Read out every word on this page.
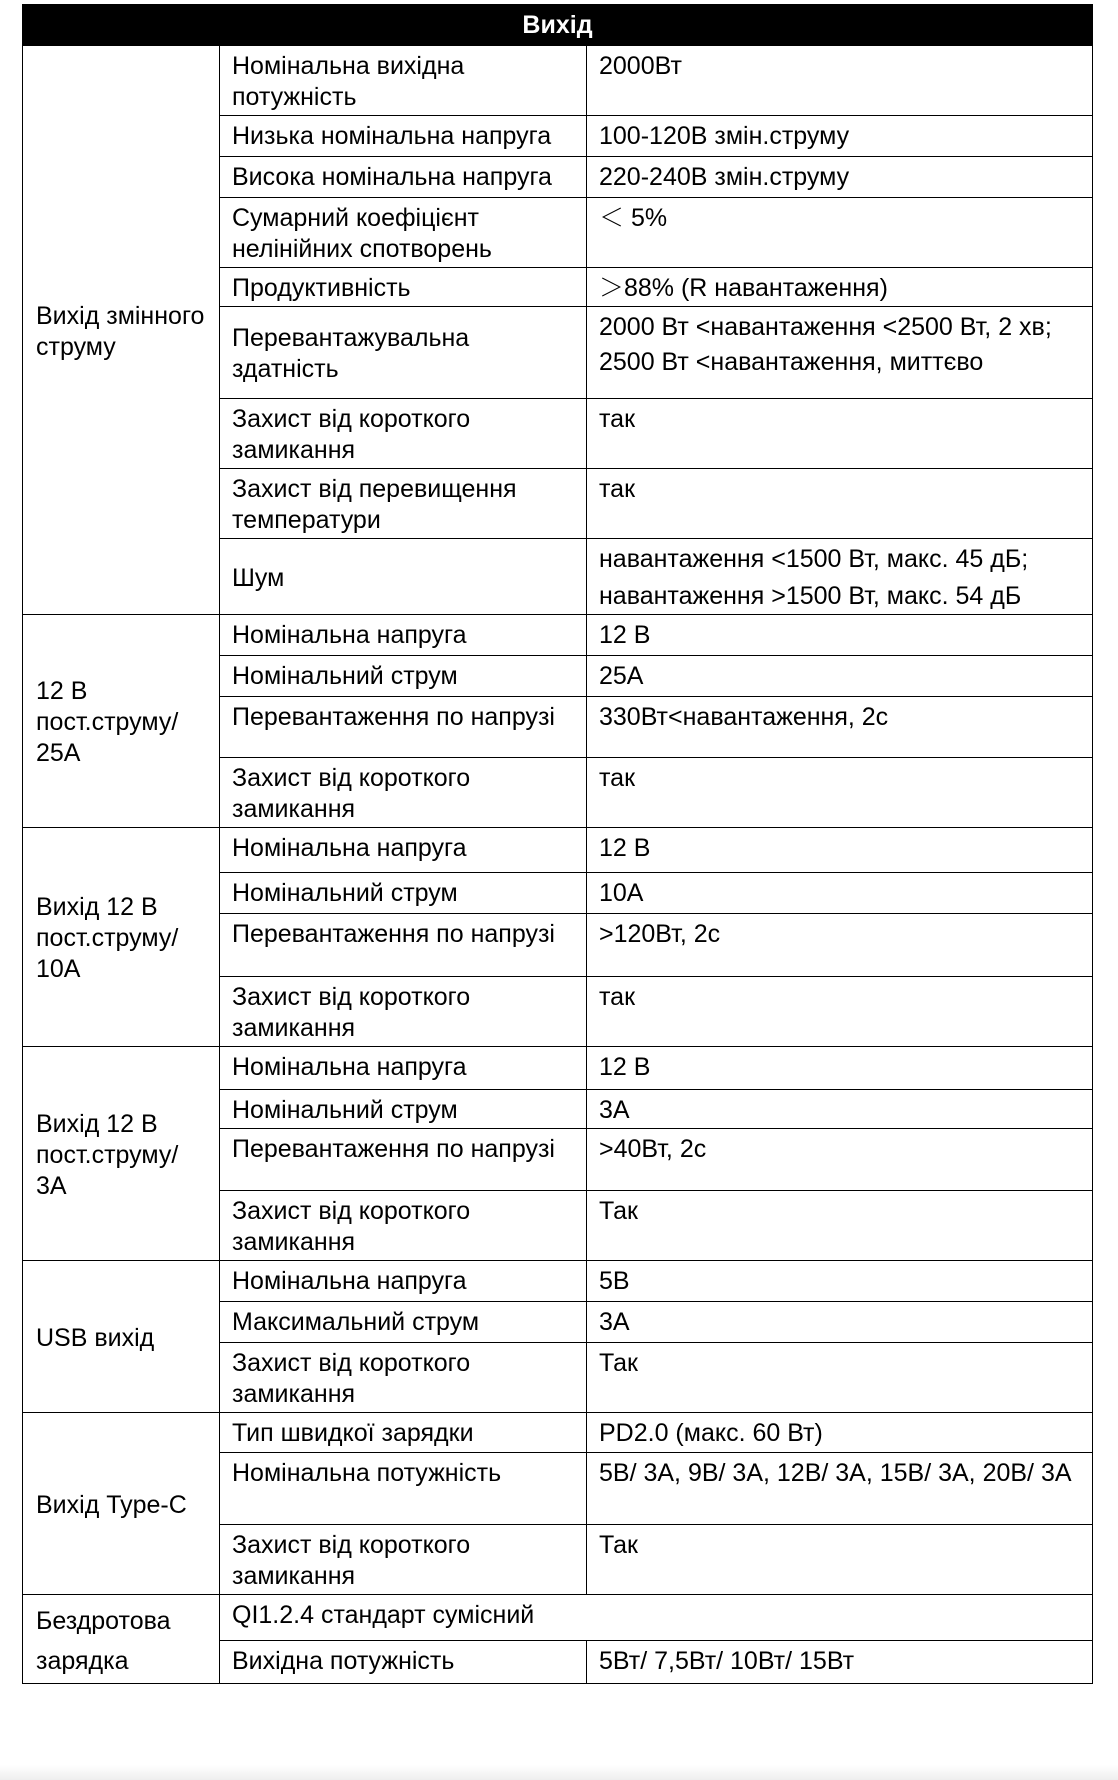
Вихід		
Вихід змінного струму	Номінальна вихідна потужність	2000Вт
	Низька номінальна напруга	100-120В змін.струму
	Висока номінальна напруга	220-240В змін.струму
	Сумарний коефіцієнт нелінійних спотворень	＜ 5%
	Продуктивність	＞88% (R навантаження)
	Перевантажувальна здатність	2000 Вт <навантаження <2500 Вт, 2 хв;
2500 Вт <навантаження, миттєво

	Захист від короткого замикання	так
	Захист від перевищення температури	так
	Шум	навантаження <1500 Вт, макс. 45 дБ;
навантаження >1500 Вт, макс. 54 дБ

12 В пост.струму/ 25А	Номінальна напруга	12 В
	Номінальний струм	25А
	Перевантаження по напрузі	330Вт<навантаження, 2с
	Захист від короткого замикання	так
Вихід 12 В пост.струму/ 10А	Номінальна напруга	12 В
	Номінальний струм	10А
	Перевантаження по напрузі	>120Вт, 2с
	Захист від короткого замикання	так
Вихід 12 В пост.струму/ 3А	Номінальна напруга	12 В
	Номінальний струм	3А
	Перевантаження по напрузі	>40Вт, 2с
	Захист від короткого замикання	Так
USB вихід	Номінальна напруга	5В
	Максимальний струм	3А
	Захист від короткого замикання	Так
Вихід Type-C	Тип швидкої зарядки	PD2.0 (макс. 60 Вт)
	Номінальна потужність	5В/ 3А, 9В/ 3А, 12В/ 3А, 15В/ 3А, 20В/ 3А
	Захист від короткого замикання	Так
Бездротова зарядка	QI1.2.4 стандарт сумісний	
	Вихідна потужність	5Вт/ 7,5Вт/ 10Вт/ 15Вт
